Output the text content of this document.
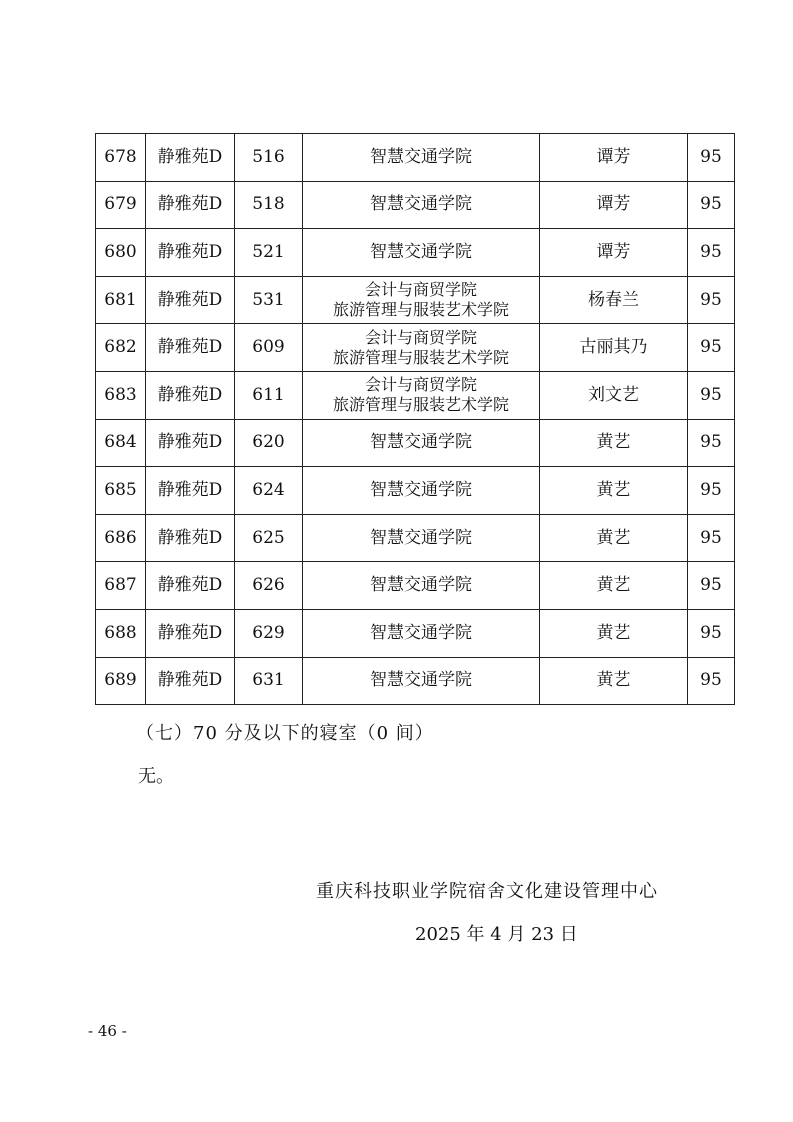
678	静雅苑D	516	智慧交通学院	谭芳	95
679	静雅苑D	518	智慧交通学院	谭芳	95
680	静雅苑D	521	智慧交通学院	谭芳	95
681	静雅苑D	531	会计与商贸学院
旅游管理与服装艺术学院	杨春兰	95
682	静雅苑D	609	会计与商贸学院
旅游管理与服装艺术学院	古丽其乃	95
683	静雅苑D	611	会计与商贸学院
旅游管理与服装艺术学院	刘文艺	95
684	静雅苑D	620	智慧交通学院	黄艺	95
685	静雅苑D	624	智慧交通学院	黄艺	95
686	静雅苑D	625	智慧交通学院	黄艺	95
687	静雅苑D	626	智慧交通学院	黄艺	95
688	静雅苑D	629	智慧交通学院	黄艺	95
689	静雅苑D	631	智慧交通学院	黄艺	95
（七）70 分及以下的寝室（0 间）
无。
重庆科技职业学院宿舍文化建设管理中心
2025 年 4 月 23 日
- 46 -
